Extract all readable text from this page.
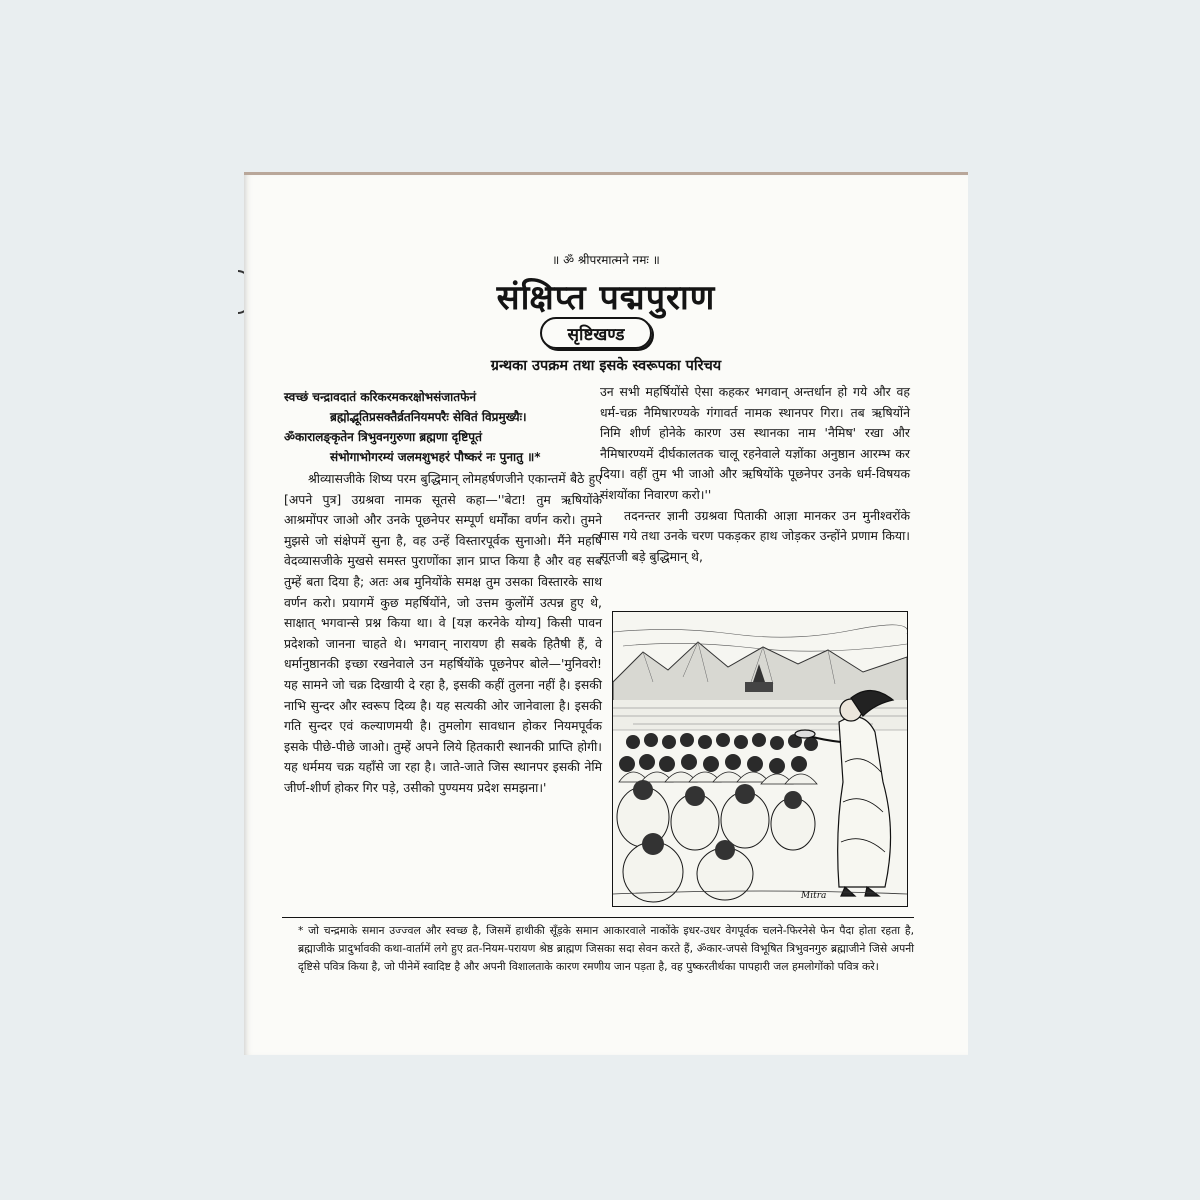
॥ ॐ श्रीपरमात्मने नमः ॥
संक्षिप्त पद्मपुराण
सृष्टिखण्ड
ग्रन्थका उपक्रम तथा इसके स्वरूपका परिचय
स्वच्छं चन्द्रावदातं करिकरमकरक्षोभसंजातफेनं
ब्रह्मोद्भूतिप्रसक्तैर्व्रतनियमपरैः सेवितं विप्रमुख्यैः।
ॐकारालङ्कृतेन त्रिभुवनगुरुणा ब्रह्मणा दृष्टिपूतं
संभोगाभोगरम्यं जलमशुभहरं पौष्करं नः पुनातु ॥*

श्रीव्यासजीके शिष्य परम बुद्धिमान् लोमहर्षणजीने एकान्तमें बैठे हुए [अपने पुत्र] उग्रश्रवा नामक सूतसे कहा—''बेटा! तुम ऋषियोंके आश्रमोंपर जाओ और उनके पूछनेपर सम्पूर्ण धर्मोंका वर्णन करो। तुमने मुझसे जो संक्षेपमें सुना है, वह उन्हें विस्तारपूर्वक सुनाओ। मैंने महर्षि वेदव्यासजीके मुखसे समस्त पुराणोंका ज्ञान प्राप्त किया है और वह सब तुम्हें बता दिया है; अतः अब मुनियोंके समक्ष तुम उसका विस्तारके साथ वर्णन करो। प्रयागमें कुछ महर्षियोंने, जो उत्तम कुलोंमें उत्पन्न हुए थे, साक्षात् भगवान्से प्रश्न किया था। वे [यज्ञ करनेके योग्य] किसी पावन प्रदेशको जानना चाहते थे। भगवान् नारायण ही सबके हितैषी हैं, वे धर्मानुष्ठानकी इच्छा रखनेवाले उन महर्षियोंके पूछनेपर बोले—'मुनिवरो! यह सामने जो चक्र दिखायी दे रहा है, इसकी कहीं तुलना नहीं है। इसकी नाभि सुन्दर और स्वरूप दिव्य है। यह सत्यकी ओर जानेवाला है। इसकी गति सुन्दर एवं कल्याणमयी है। तुमलोग सावधान होकर नियमपूर्वक इसके पीछे-पीछे जाओ। तुम्हें अपने लिये हितकारी स्थानकी प्राप्ति होगी। यह धर्ममय चक्र यहाँसे जा रहा है। जाते-जाते जिस स्थानपर इसकी नेमि जीर्ण-शीर्ण होकर गिर पड़े, उसीको पुण्यमय प्रदेश समझना।'

उन सभी महर्षियोंसे ऐसा कहकर भगवान् अन्तर्धान हो गये और वह धर्म-चक्र नैमिषारण्यके गंगावर्त नामक स्थानपर गिरा। तब ऋषियोंने निमि शीर्ण होनेके कारण उस स्थानका नाम 'नैमिष' रखा और नैमिषारण्यमें दीर्घकालतक चालू रहनेवाले यज्ञोंका अनुष्ठान आरम्भ कर दिया। वहीं तुम भी जाओ और ऋषियोंके पूछनेपर उनके धर्म-विषयक संशयोंका निवारण करो।''

तदनन्तर ज्ञानी उग्रश्रवा पिताकी आज्ञा मानकर उन मुनीश्वरोंके पास गये तथा उनके चरण पकड़कर हाथ जोड़कर उन्होंने प्रणाम किया। सूतजी बड़े बुद्धिमान् थे,

Mitra
* जो चन्द्रमाके समान उज्ज्वल और स्वच्छ है, जिसमें हाथीकी सूँड़के समान आकारवाले नाकोंके इधर-उधर वेगपूर्वक चलने-फिरनेसे फेन पैदा होता रहता है, ब्रह्माजीके प्रादुर्भावकी कथा-वार्तामें लगे हुए व्रत-नियम-परायण श्रेष्ठ ब्राह्मण जिसका सदा सेवन करते हैं, ॐकार-जपसे विभूषित त्रिभुवनगुरु ब्रह्माजीने जिसे अपनी दृष्टिसे पवित्र किया है, जो पीनेमें स्वादिष्ट है और अपनी विशालताके कारण रमणीय जान पड़ता है, वह पुष्करतीर्थका पापहारी जल हमलोगोंको पवित्र करे।
